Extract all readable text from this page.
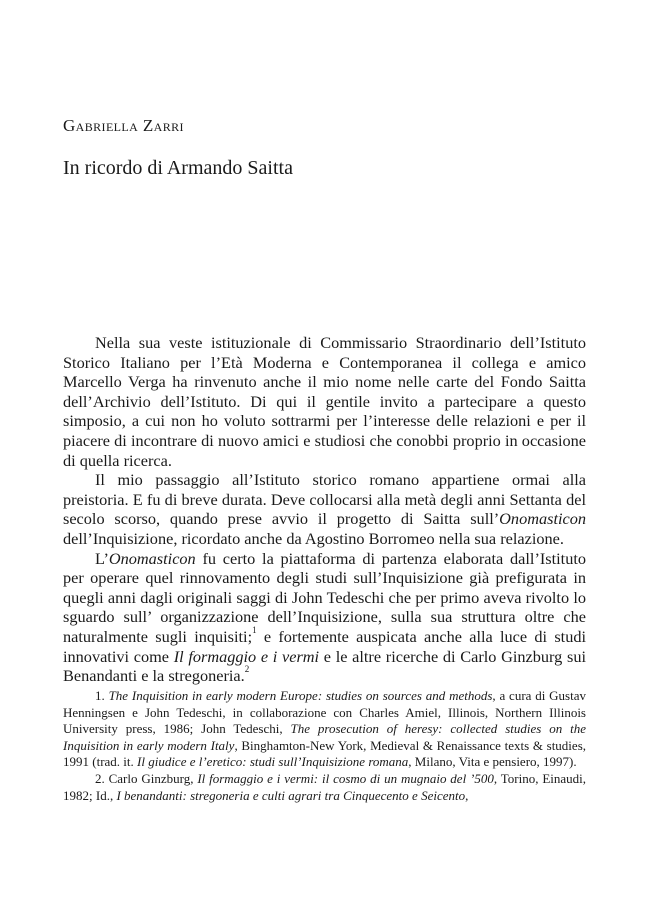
Gabriella Zarri
In ricordo di Armando Saitta

Nella sua veste istituzionale di Commissario Straordinario dell’Istituto Storico Italiano per l’Età Moderna e Contemporanea il collega e amico Marcello Verga ha rinvenuto anche il mio nome nelle carte del Fondo Saitta dell’Archivio dell’Istituto. Di qui il gentile invito a partecipare a questo simposio, a cui non ho voluto sottrarmi per l’interesse delle relazioni e per il piacere di incontrare di nuovo amici e studiosi che conobbi proprio in occasione di quella ricerca.

Il mio passaggio all’Istituto storico romano appartiene ormai alla preistoria. E fu di breve durata. Deve collocarsi alla metà degli anni Settanta del secolo scorso, quando prese avvio il progetto di Saitta sull’Onomasticon dell’Inquisizione, ricordato anche da Agostino Borromeo nella sua relazione.

L’Onomasticon fu certo la piattaforma di partenza elaborata dall’Istituto per operare quel rinnovamento degli studi sull’Inquisizione già prefigurata in quegli anni dagli originali saggi di John Tedeschi che per primo aveva rivolto lo sguardo sull’ organizzazione dell’Inquisizione, sulla sua struttura oltre che naturalmente sugli inquisiti;$^1$ e fortemente auspicata anche alla luce di studi innovativi come Il formaggio e i vermi e le altre ricerche di Carlo Ginzburg sui Benandanti e la stregoneria.$^2$

1. The Inquisition in early modern Europe: studies on sources and methods, a cura di Gustav Henningsen e John Tedeschi, in collaborazione con Charles Amiel, Illinois, Northern Illinois University press, 1986; John Tedeschi, The prosecution of heresy: collected studies on the Inquisition in early modern Italy, Binghamton-New York, Medieval & Renaissance texts & studies, 1991 (trad. it. Il giudice e l’eretico: studi sull’Inquisizione romana, Milano, Vita e pensiero, 1997).

2. Carlo Ginzburg, Il formaggio e i vermi: il cosmo di un mugnaio del ’500, Torino, Einaudi, 1982; Id., I benandanti: stregoneria e culti agrari tra Cinquecento e Seicento,
